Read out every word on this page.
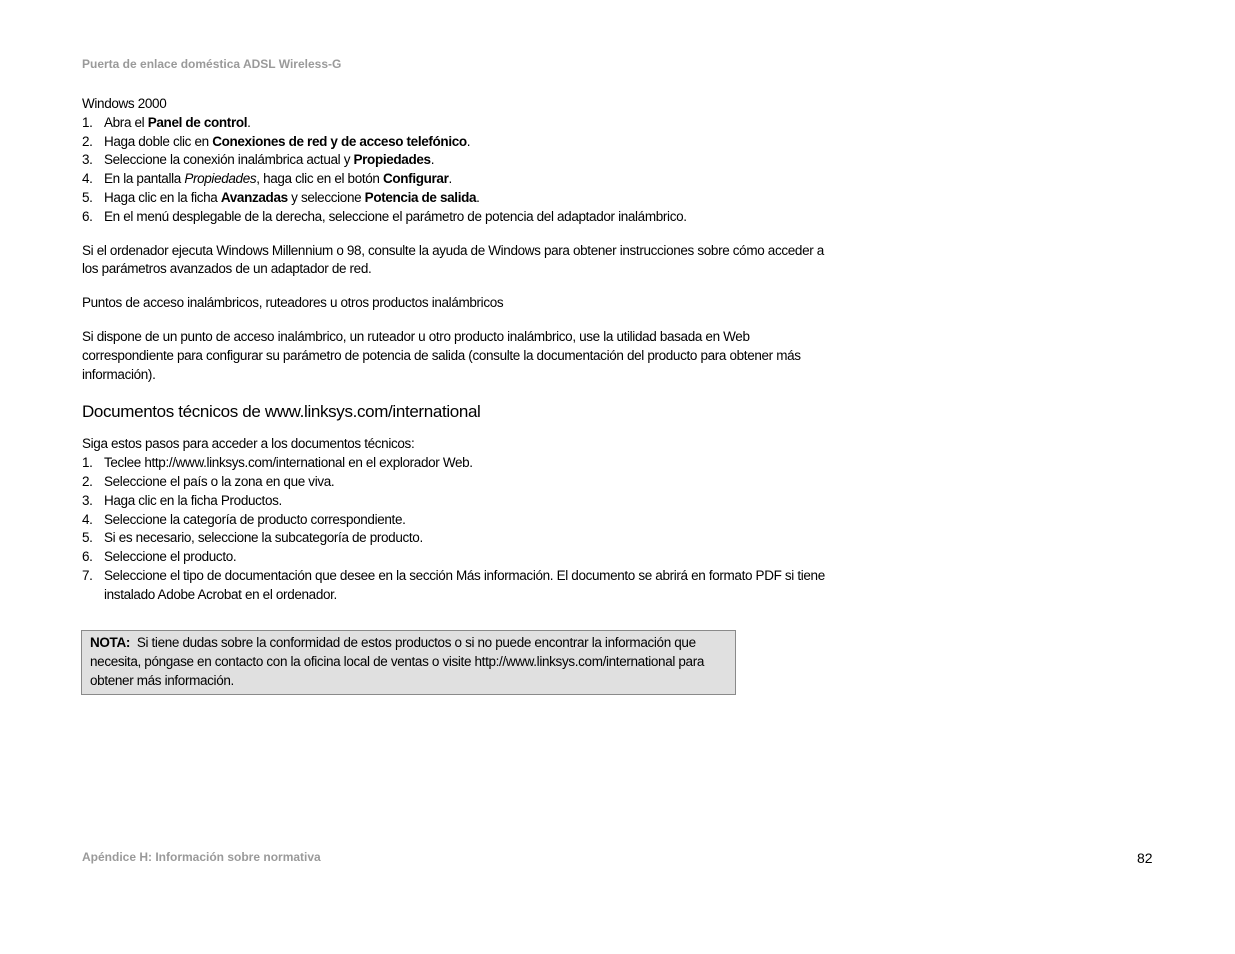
Puerta de enlace doméstica ADSL Wireless-G

Windows 2000

1. Abra el Panel de control.
2. Haga doble clic en Conexiones de red y de acceso telefónico.
3. Seleccione la conexión inalámbrica actual y Propiedades.
4. En la pantalla Propiedades, haga clic en el botón Configurar.
5. Haga clic en la ficha Avanzadas y seleccione Potencia de salida.
6. En el menú desplegable de la derecha, seleccione el parámetro de potencia del adaptador inalámbrico.

Si el ordenador ejecuta Windows Millennium o 98, consulte la ayuda de Windows para obtener instrucciones sobre cómo acceder a los parámetros avanzados de un adaptador de red.

Puntos de acceso inalámbricos, ruteadores u otros productos inalámbricos

Si dispone de un punto de acceso inalámbrico, un ruteador u otro producto inalámbrico, use la utilidad basada en Web correspondiente para configurar su parámetro de potencia de salida (consulte la documentación del producto para obtener más información).

Documentos técnicos de www.linksys.com/international

Siga estos pasos para acceder a los documentos técnicos:

1. Teclee http://www.linksys.com/international en el explorador Web.
2. Seleccione el país o la zona en que viva.
3. Haga clic en la ficha Productos.
4. Seleccione la categoría de producto correspondiente.
5. Si es necesario, seleccione la subcategoría de producto.
6. Seleccione el producto.
7. Seleccione el tipo de documentación que desee en la sección Más información. El documento se abrirá en formato PDF si tiene instalado Adobe Acrobat en el ordenador.
NOTA: Si tiene dudas sobre la conformidad de estos productos o si no puede encontrar la información que necesita, póngase en contacto con la oficina local de ventas o visite http://www.linksys.com/international para obtener más información.
Apéndice H: Información sobre normativa	82
